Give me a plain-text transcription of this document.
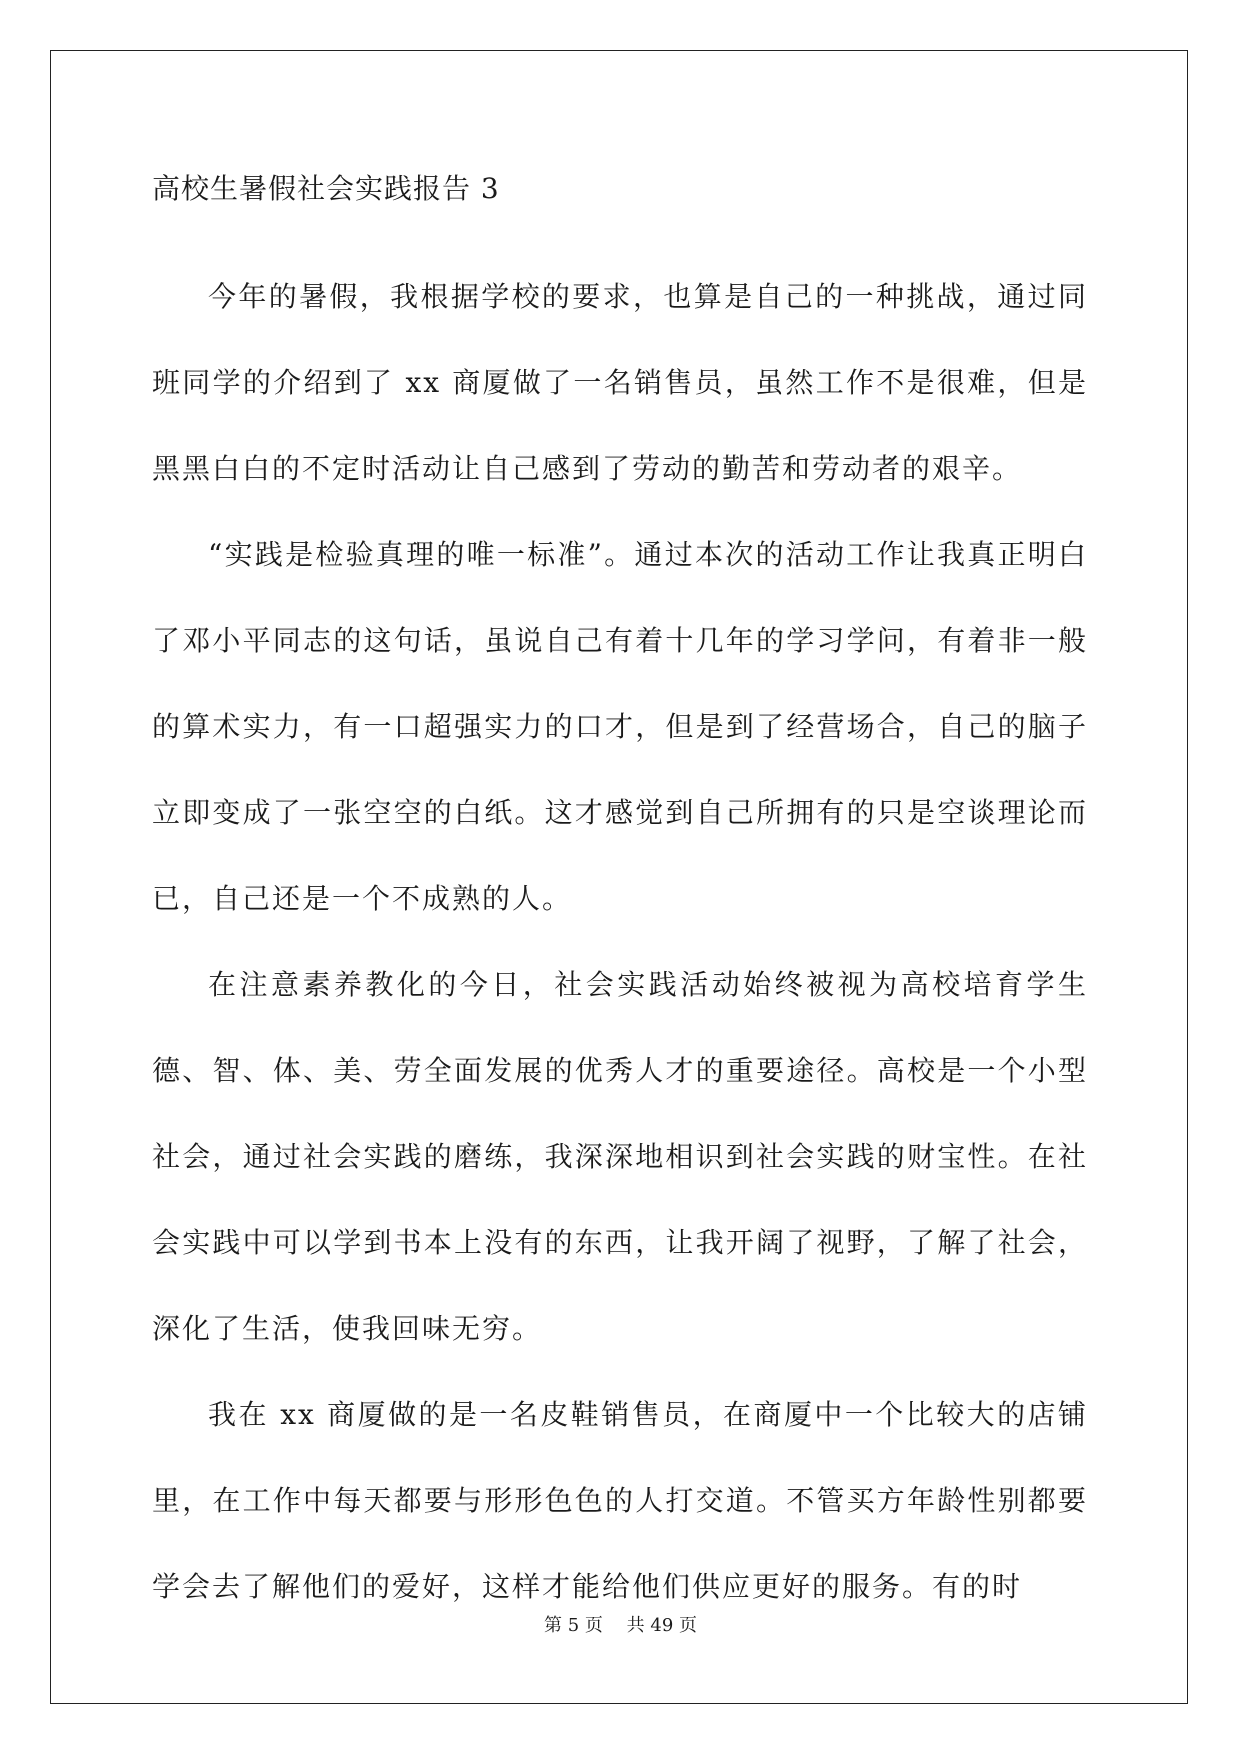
高校生暑假社会实践报告 3

今年的暑假，我根据学校的要求，也算是自己的一种挑战，通过同班同学的介绍到了 xx 商厦做了一名销售员，虽然工作不是很难，但是黑黑白白的不定时活动让自己感到了劳动的勤苦和劳动者的艰辛。

“实践是检验真理的唯一标准”。通过本次的活动工作让我真正明白了邓小平同志的这句话，虽说自己有着十几年的学习学问，有着非一般的算术实力，有一口超强实力的口才，但是到了经营场合，自己的脑子立即变成了一张空空的白纸。这才感觉到自己所拥有的只是空谈理论而已，自己还是一个不成熟的人。

在注意素养教化的今日，社会实践活动始终被视为高校培育学生德、智、体、美、劳全面发展的优秀人才的重要途径。高校是一个小型社会，通过社会实践的磨练，我深深地相识到社会实践的财宝性。在社会实践中可以学到书本上没有的东西，让我开阔了视野，了解了社会，深化了生活，使我回味无穷。

我在 xx 商厦做的是一名皮鞋销售员，在商厦中一个比较大的店铺里，在工作中每天都要与形形色色的人打交道。不管买方年龄性别都要学会去了解他们的爱好，这样才能给他们供应更好的服务。有的时

第 5 页 共 49 页
